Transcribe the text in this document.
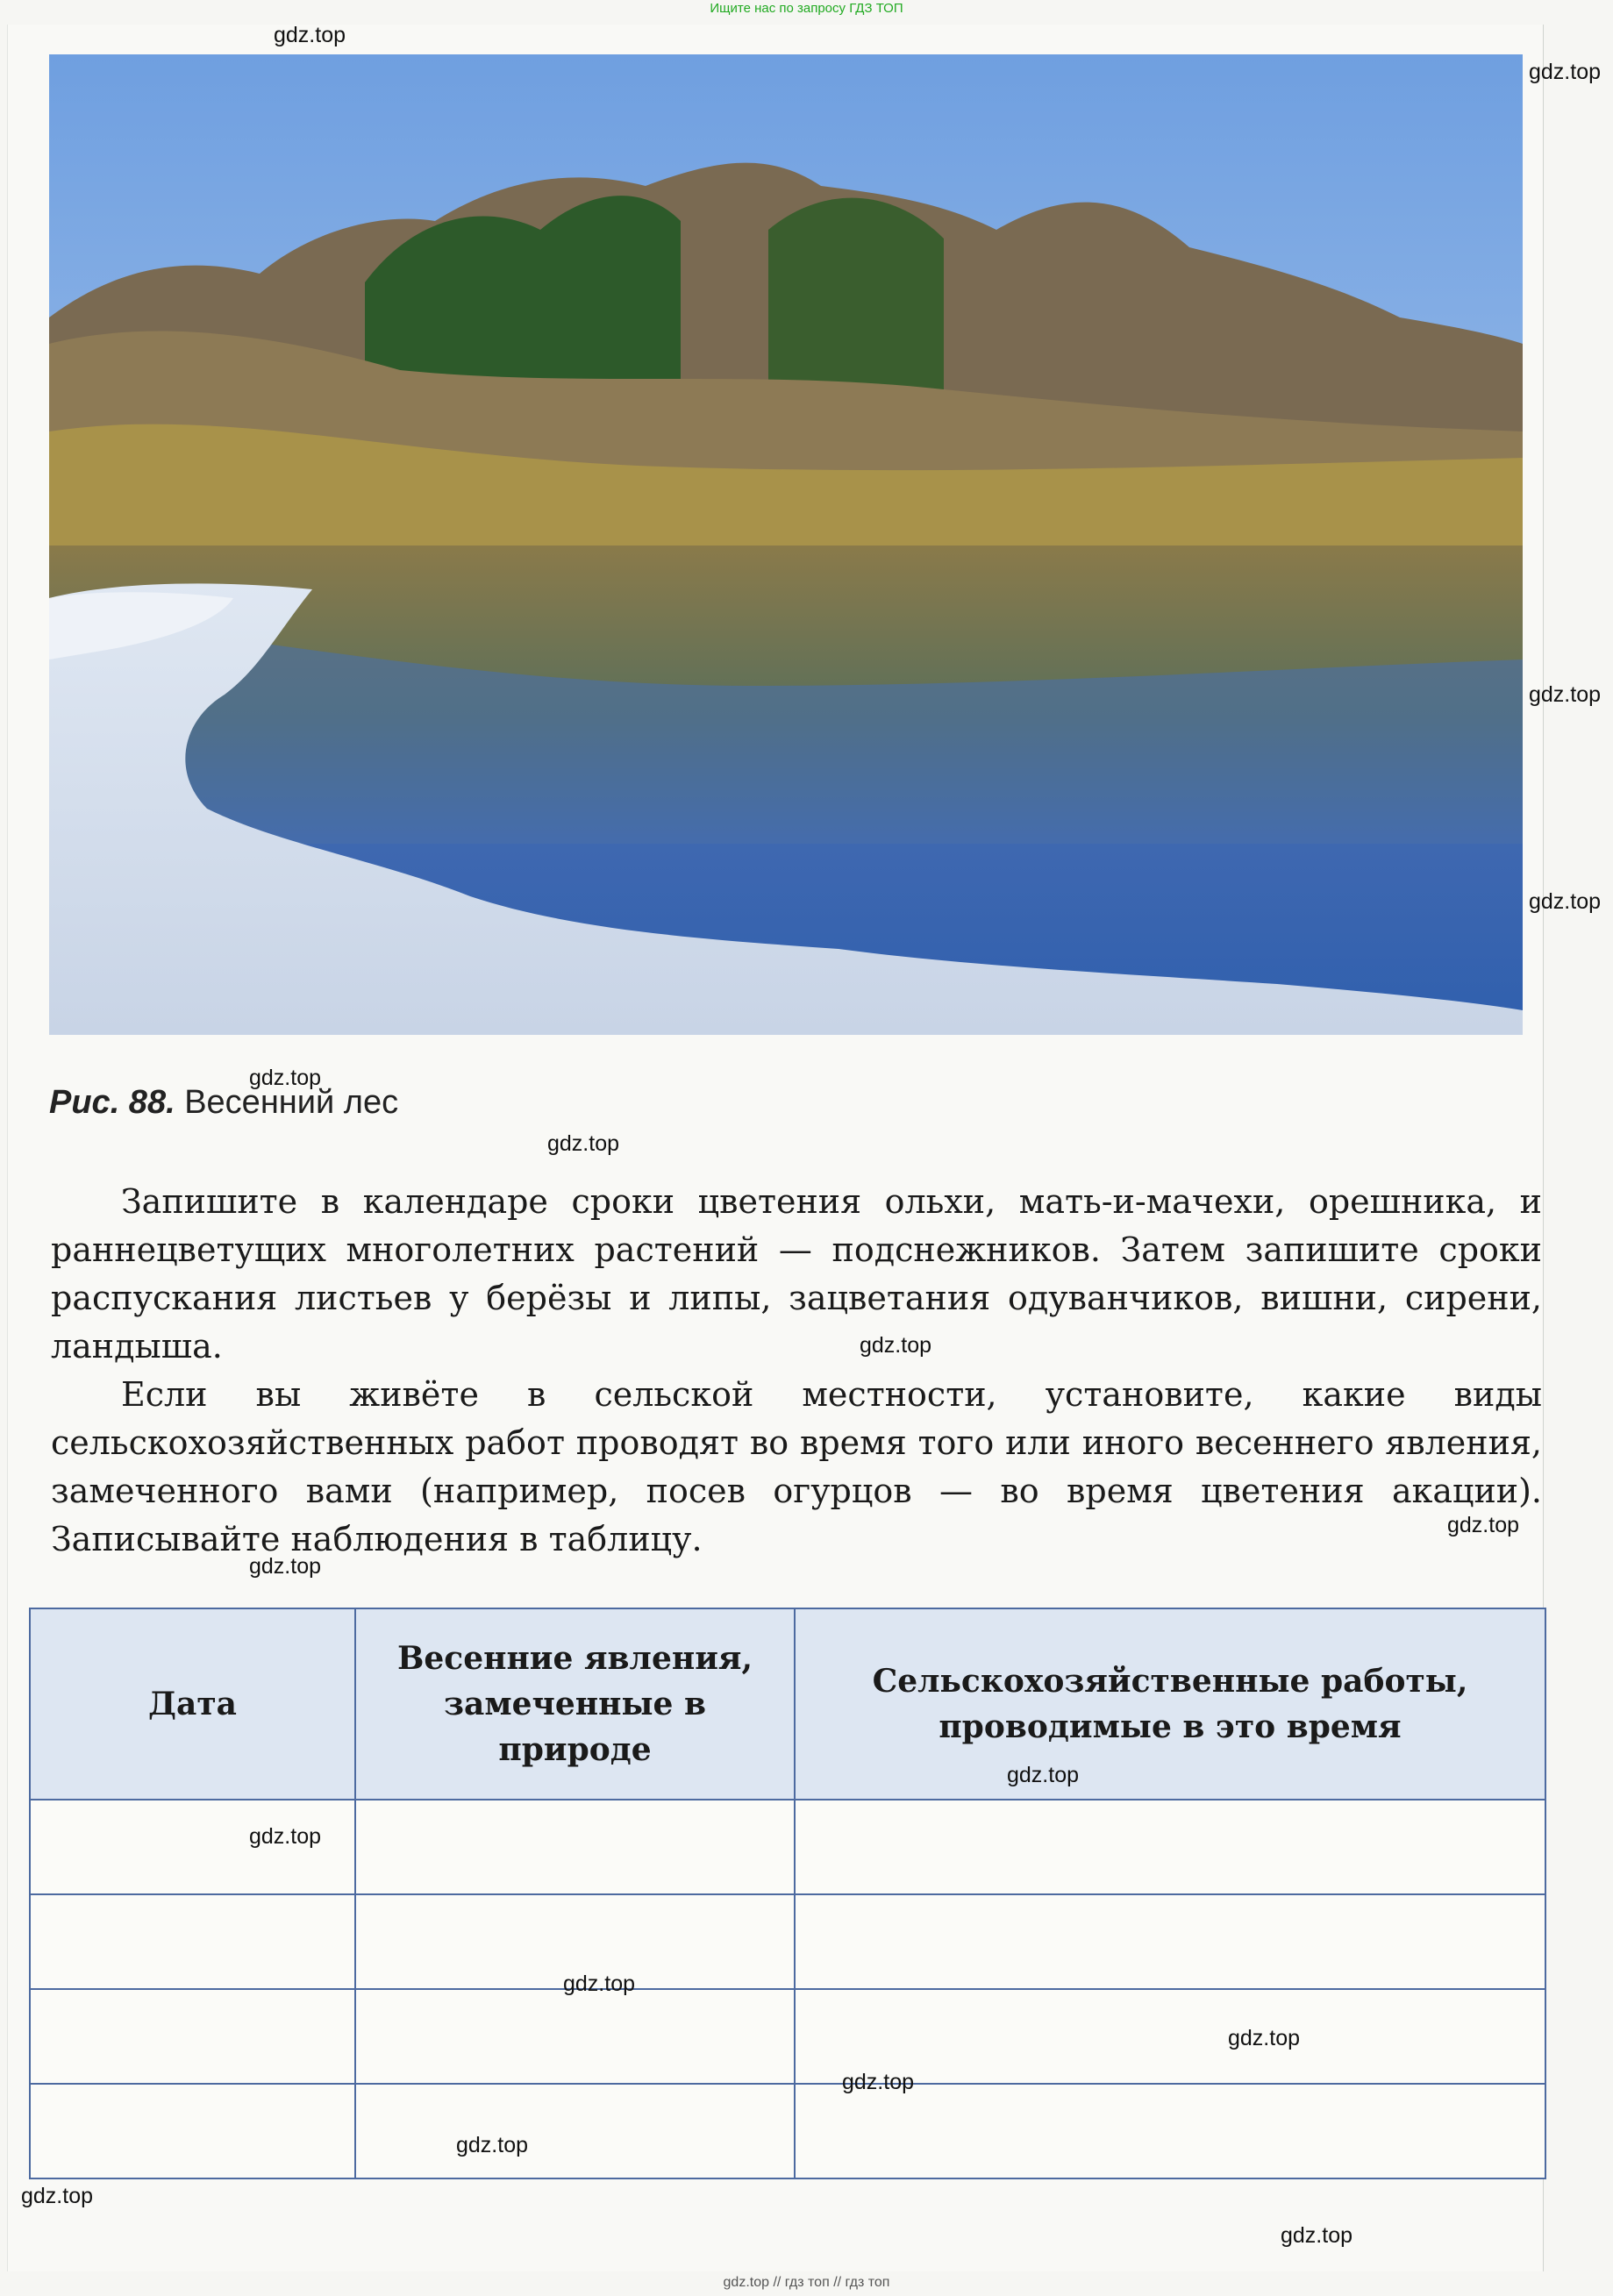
Ищите нас по запросу ГДЗ ТОП
Рис. 88. Весенний лес
Запишите в календаре сроки цветения ольхи, мать-и-мачехи, орешника, и раннецветущих многолетних растений — подснежников. Затем запишите сроки распускания листьев у берёзы и липы, зацветания одуванчиков, вишни, сирени, ландыша.
Если вы живёте в сельской местности, установите, какие виды сельскохозяйственных работ проводят во время того или иного весеннего явления, замеченного вами (например, посев огурцов — во время цветения акации). Записывайте наблюдения в таблицу.
Дата	Весенние явления, замеченные в природе	Сельскохозяйственные работы, проводимые в это время

gdz.top
gdz.top
gdz.top
gdz.top
gdz.top
gdz.top
gdz.top
gdz.top
gdz.top
gdz.top
gdz.top
gdz.top
gdz.top
gdz.top
gdz.top
gdz.top
gdz.top
gdz.top // гдз топ // гдз топ
